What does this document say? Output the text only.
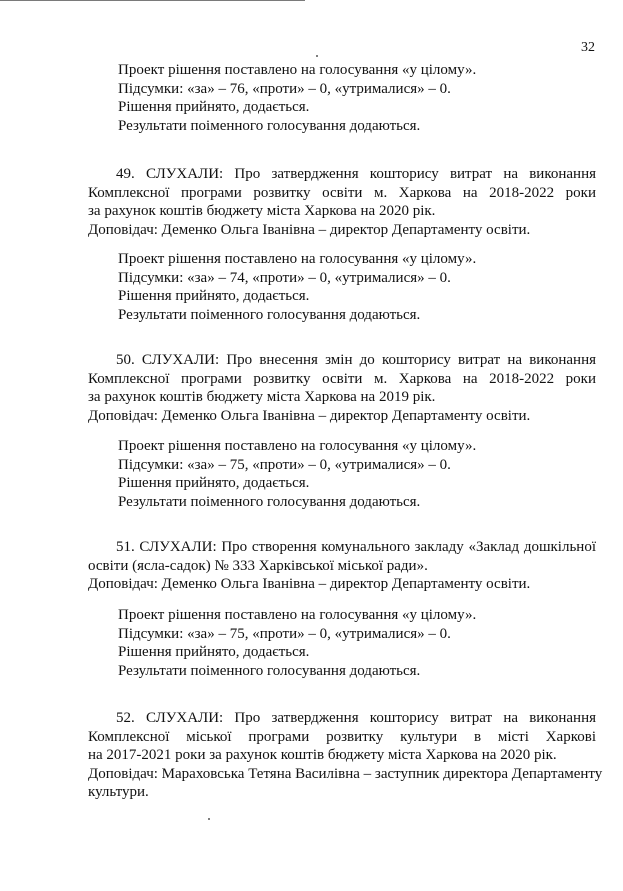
32
Проект рішення поставлено на голосування «у цілому».
Підсумки: «за» – 76, «проти» – 0, «утрималися» – 0.
Рішення прийнято, додається.
Результати поіменного голосування додаються.
49. СЛУХАЛИ: Про затвердження кошторису витрат на виконання
Комплексної програми розвитку освіти м. Харкова на 2018-2022 роки
за рахунок коштів бюджету міста Харкова на 2020 рік.
Доповідач: Деменко Ольга Іванівна – директор Департаменту освіти.
Проект рішення поставлено на голосування «у цілому».
Підсумки: «за» – 74, «проти» – 0, «утрималися» – 0.
Рішення прийнято, додається.
Результати поіменного голосування додаються.
50. СЛУХАЛИ: Про внесення змін до кошторису витрат на виконання
Комплексної програми розвитку освіти м. Харкова на 2018-2022 роки
за рахунок коштів бюджету міста Харкова на 2019 рік.
Доповідач: Деменко Ольга Іванівна – директор Департаменту освіти.
Проект рішення поставлено на голосування «у цілому».
Підсумки: «за» – 75, «проти» – 0, «утрималися» – 0.
Рішення прийнято, додається.
Результати поіменного голосування додаються.
51. СЛУХАЛИ: Про створення комунального закладу «Заклад дошкільної
освіти (ясла-садок) № 333 Харківської міської ради».
Доповідач: Деменко Ольга Іванівна – директор Департаменту освіти.
Проект рішення поставлено на голосування «у цілому».
Підсумки: «за» – 75, «проти» – 0, «утрималися» – 0.
Рішення прийнято, додається.
Результати поіменного голосування додаються.
52. СЛУХАЛИ: Про затвердження кошторису витрат на виконання
Комплексної міської програми розвитку культури в місті Харкові
на 2017-2021 роки за рахунок коштів бюджету міста Харкова на 2020 рік.
Доповідач: Мараховська Тетяна Василівна – заступник директора Департаменту
культури.
